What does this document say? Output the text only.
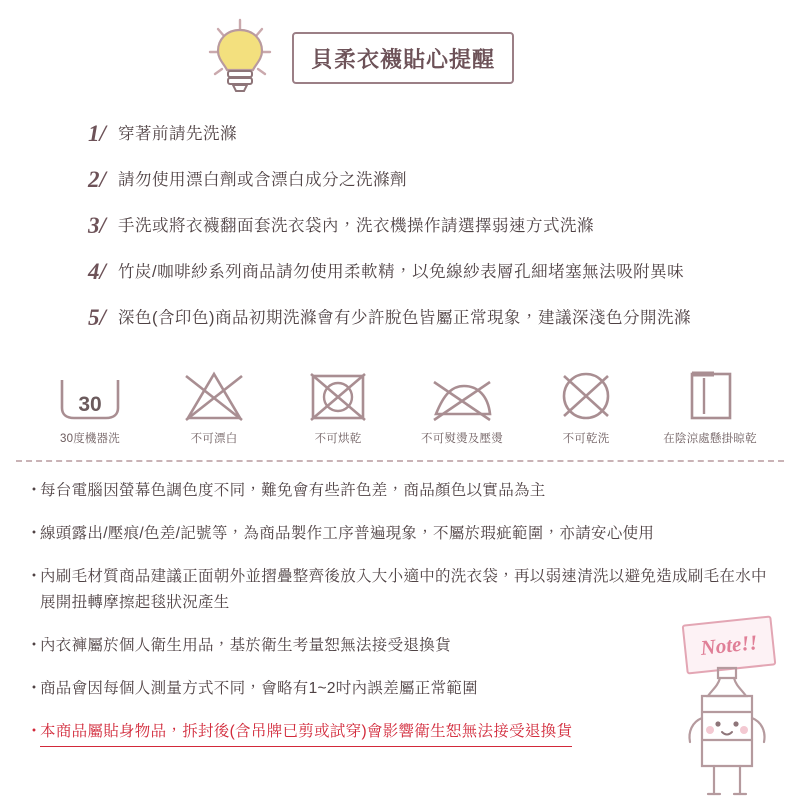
貝柔衣襪貼心提醒
1/ 穿著前請先洗滌
2/ 請勿使用漂白劑或含漂白成分之洗滌劑
3/ 手洗或將衣襪翻面套洗衣袋內，洗衣機操作請選擇弱速方式洗滌
4/ 竹炭/咖啡紗系列商品請勿使用柔軟精，以免線紗表層孔細堵塞無法吸附異味
5/ 深色(含印色)商品初期洗滌會有少許脫色皆屬正常現象，建議深淺色分開洗滌
30
30度機器洗	不可漂白	不可烘乾	不可熨燙及壓燙	不可乾洗	在陰涼處懸掛晾乾
・
每台電腦因螢幕色調色度不同，難免會有些許色差，商品顏色以實品為主
・
線頭露出/壓痕/色差/記號等，為商品製作工序普遍現象，不屬於瑕疵範圍，亦請安心使用
・
內刷毛材質商品建議正面朝外並摺疊整齊後放入大小適中的洗衣袋，再以弱速清洗以避免造成刷毛在水中展開扭轉摩擦起毯狀況產生
・
內衣褲屬於個人衛生用品，基於衛生考量恕無法接受退換貨
・
商品會因每個人測量方式不同，會略有1~2吋內誤差屬正常範圍
・
本商品屬貼身物品，拆封後(含吊牌已剪或試穿)會影響衛生恕無法接受退換貨
Note!!
